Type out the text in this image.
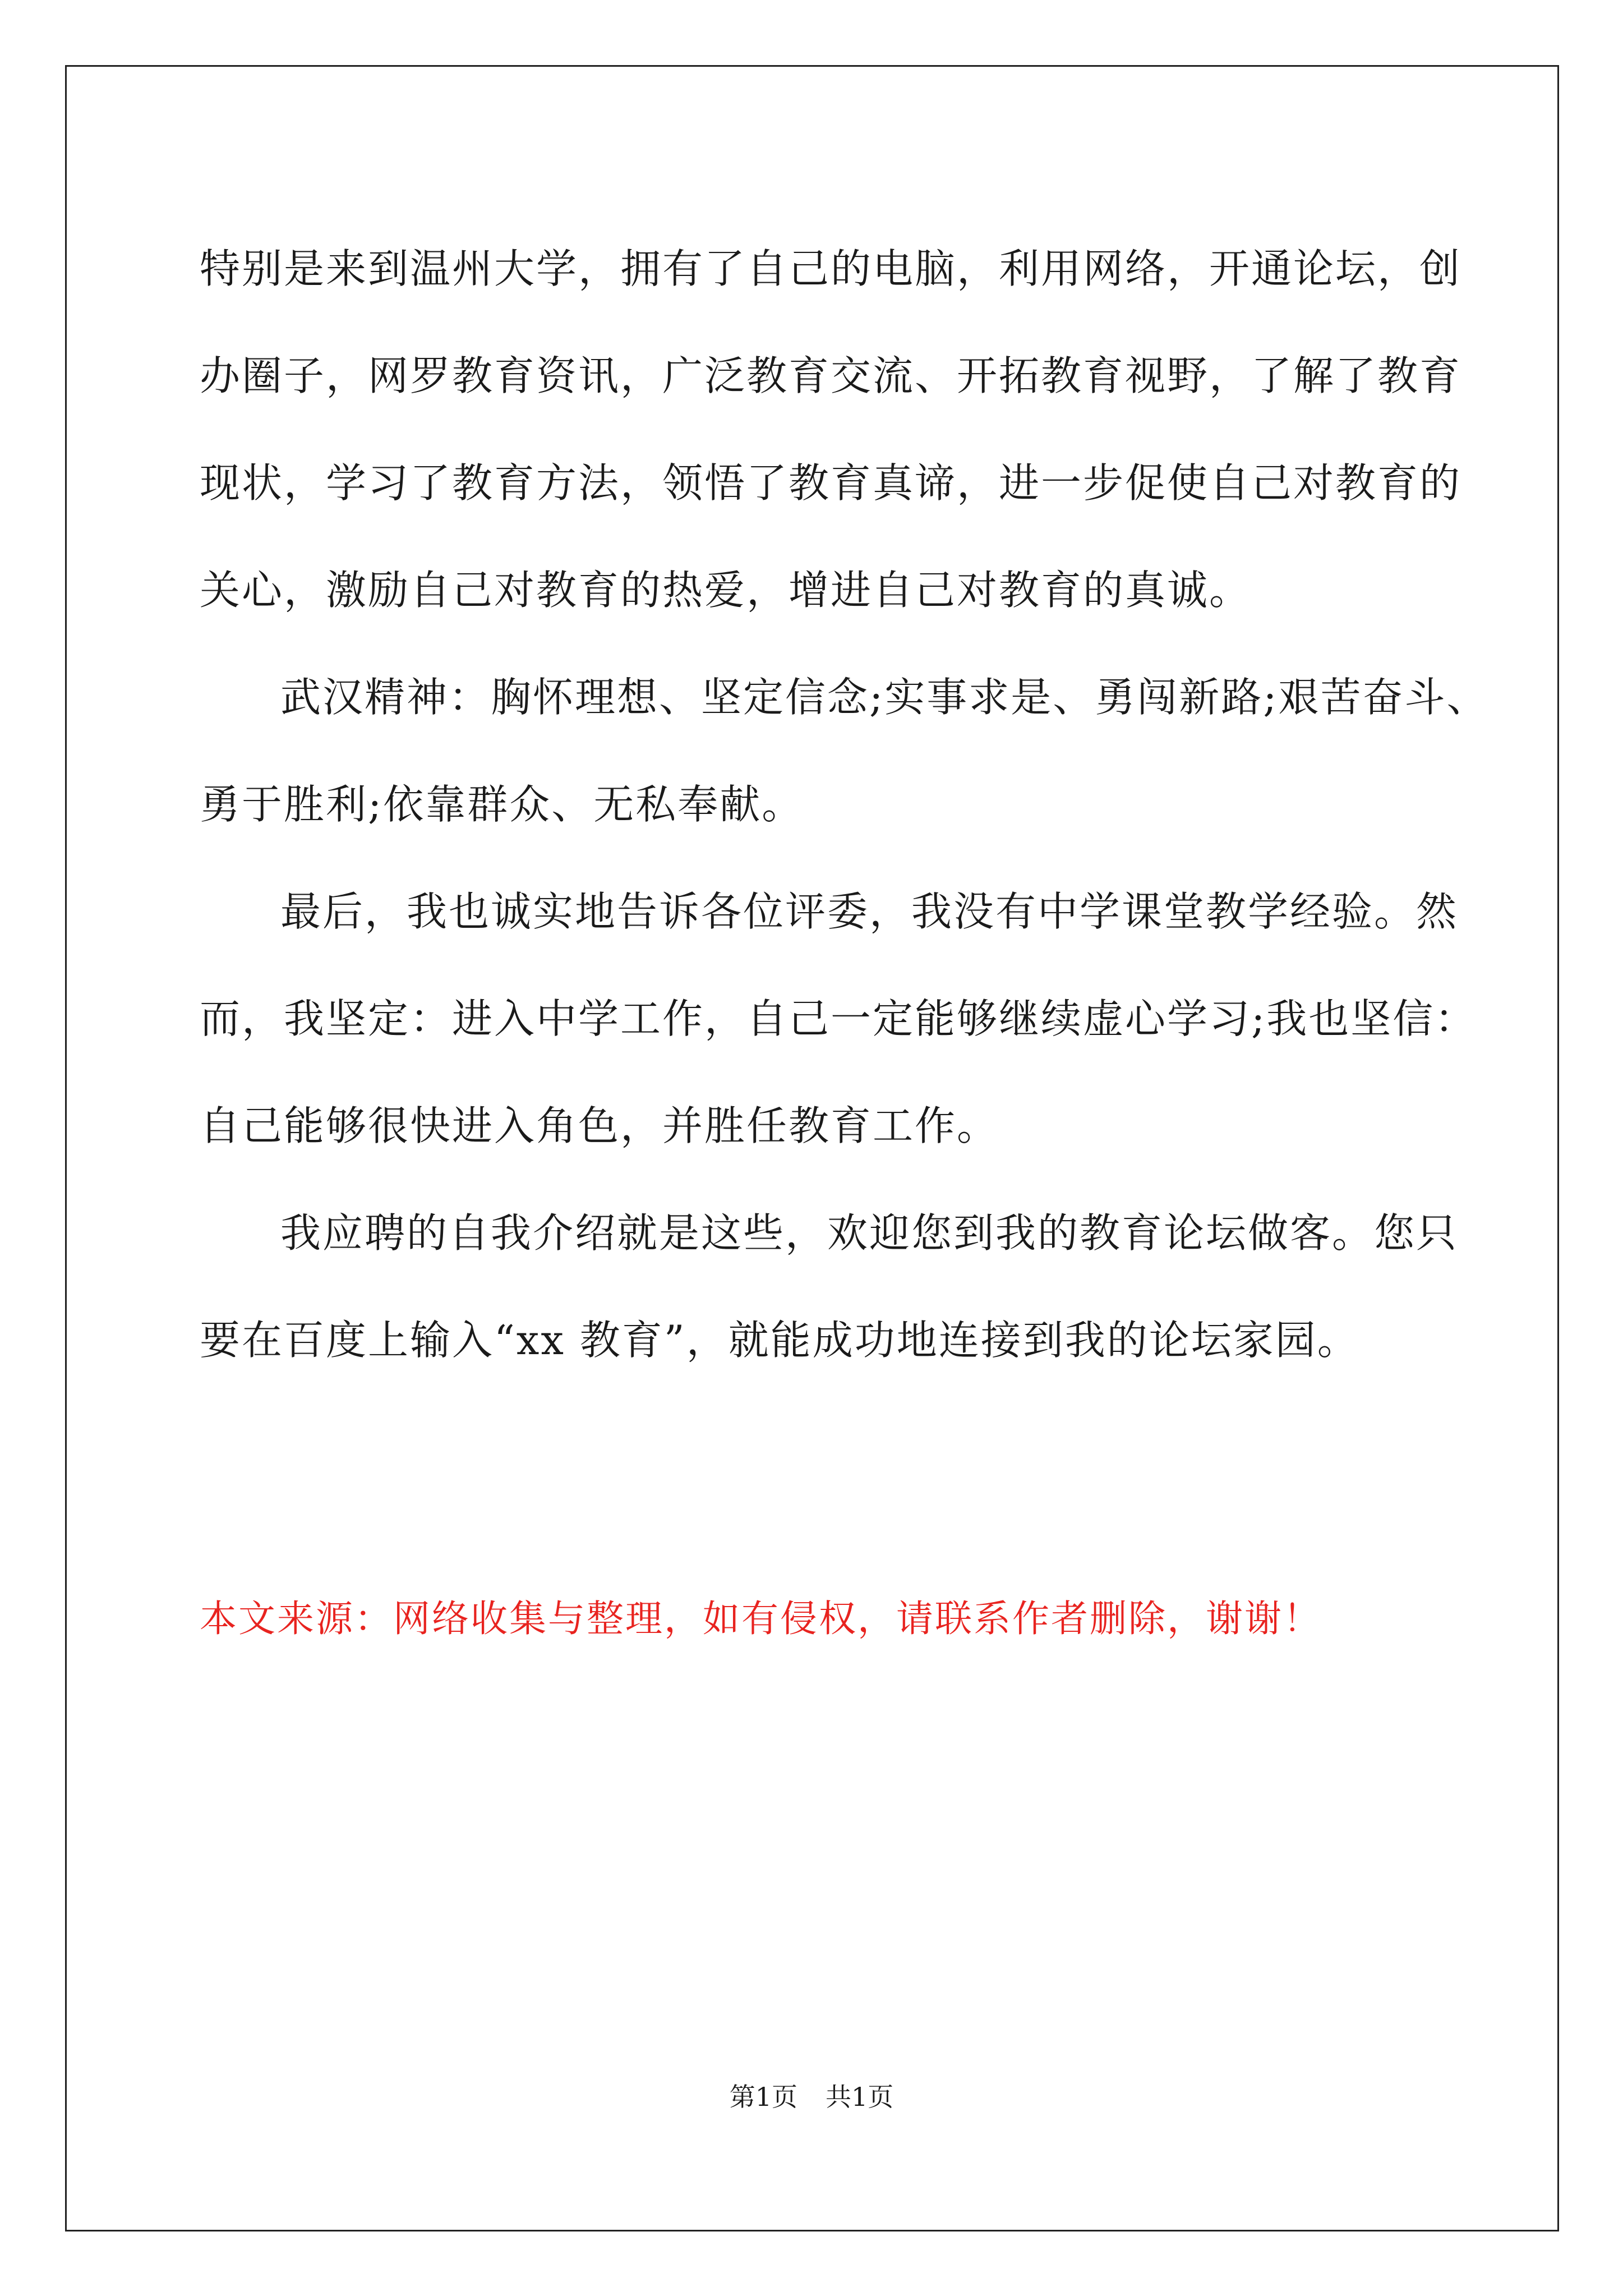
特别是来到温州大学，拥有了自己的电脑，利用网络，开通论坛，创
办圈子，网罗教育资讯，广泛教育交流、开拓教育视野，了解了教育
现状，学习了教育方法，领悟了教育真谛，进一步促使自己对教育的
关心，激励自己对教育的热爱，增进自己对教育的真诚。

武汉精神：胸怀理想、坚定信念;实事求是、勇闯新路;艰苦奋斗、
勇于胜利;依靠群众、无私奉献。

最后，我也诚实地告诉各位评委，我没有中学课堂教学经验。然
而，我坚定：进入中学工作，自己一定能够继续虚心学习;我也坚信：
自己能够很快进入角色，并胜任教育工作。

我应聘的自我介绍就是这些，欢迎您到我的教育论坛做客。您只
要在百度上输入“xx 教育”，就能成功地连接到我的论坛家园。

本文来源：网络收集与整理，如有侵权，请联系作者删除，谢谢！
第1页 共1页
